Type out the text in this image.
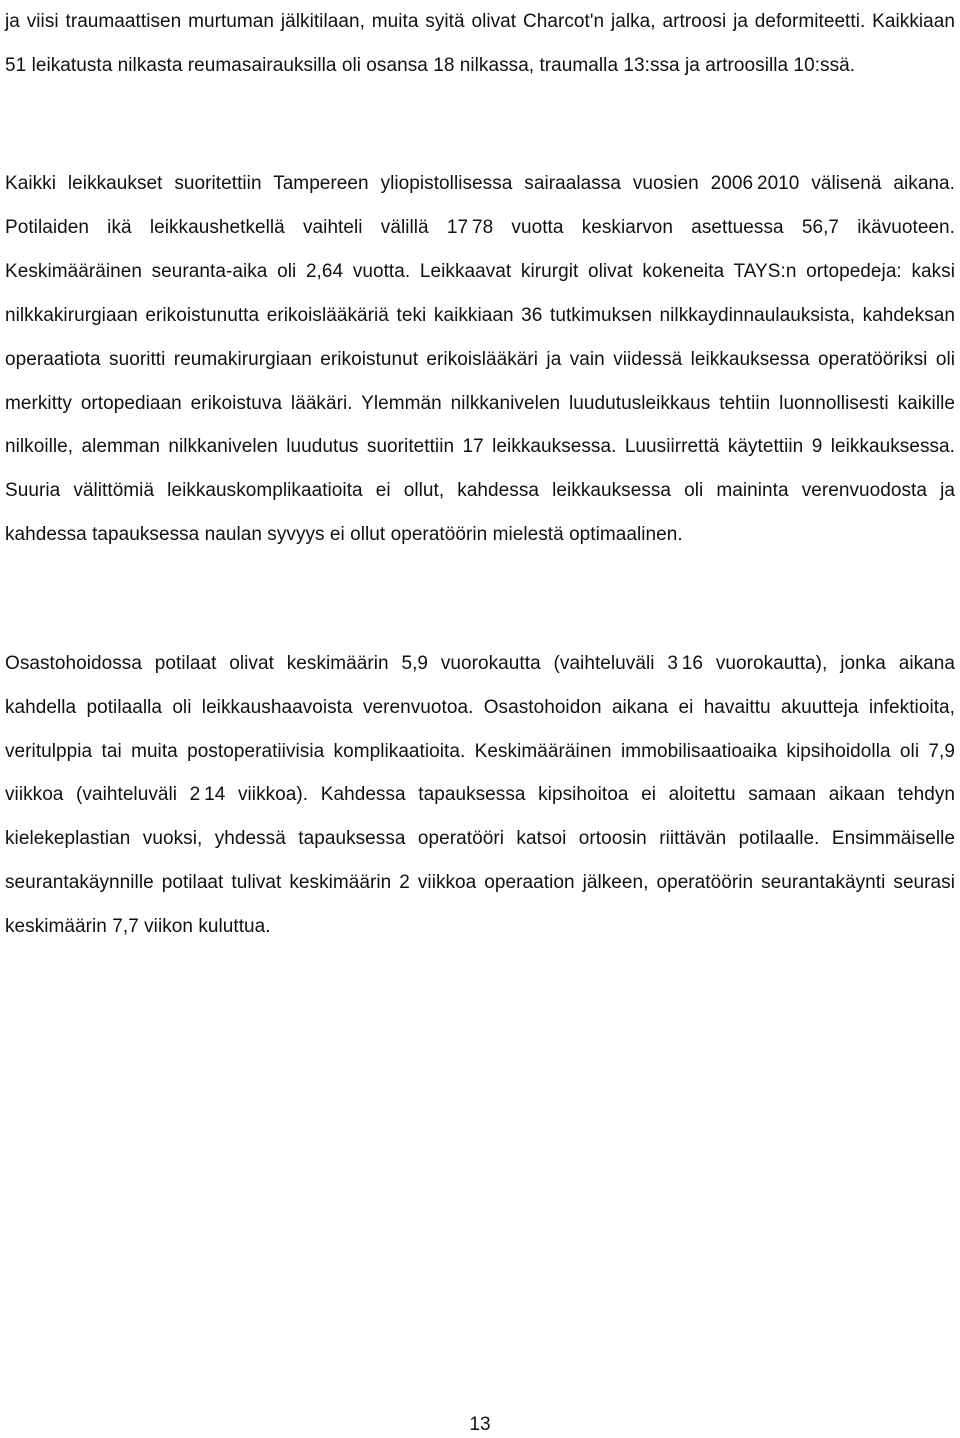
ja viisi traumaattisen murtuman jälkitilaan, muita syitä olivat Charcot'n jalka, artroosi ja deformiteetti. Kaikkiaan 51 leikatusta nilkasta reumasairauksilla oli osansa 18 nilkassa, traumalla 13:ssa ja artroosilla 10:ssä.

Kaikki leikkaukset suoritettiin Tampereen yliopistollisessa sairaalassa vuosien 2006 2010 välisenä aikana. Potilaiden ikä leikkaushetkellä vaihteli välillä 17 78 vuotta keskiarvon asettuessa 56,7 ikävuoteen. Keskimääräinen seuranta-aika oli 2,64 vuotta. Leikkaavat kirurgit olivat kokeneita TAYS:n ortopedeja: kaksi nilkkakirurgiaan erikoistunutta erikoislääkäriä teki kaikkiaan 36 tutkimuksen nilkkaydinnaulauksista, kahdeksan operaatiota suoritti reumakirurgiaan erikoistunut erikoislääkäri ja vain viidessä leikkauksessa operatööriksi oli merkitty ortopediaan erikoistuva lääkäri. Ylemmän nilkkanivelen luudutusleikkaus tehtiin luonnollisesti kaikille nilkoille, alemman nilkkanivelen luudutus suoritettiin 17 leikkauksessa. Luusiirrettä käytettiin 9 leikkauksessa. Suuria välittömiä leikkauskomplikaatioita ei ollut, kahdessa leikkauksessa oli maininta verenvuodosta ja kahdessa tapauksessa naulan syvyys ei ollut operatöörin mielestä optimaalinen.

Osastohoidossa potilaat olivat keskimäärin 5,9 vuorokautta (vaihteluväli 3 16 vuorokautta), jonka aikana kahdella potilaalla oli leikkaushaavoista verenvuotoa. Osastohoidon aikana ei havaittu akuutteja infektioita, veritulppia tai muita postoperatiivisia komplikaatioita. Keskimääräinen immobilisaatioaika kipsihoidolla oli 7,9 viikkoa (vaihteluväli 2 14 viikkoa). Kahdessa tapauksessa kipsihoitoa ei aloitettu samaan aikaan tehdyn kielekeplastian vuoksi, yhdessä tapauksessa operatööri katsoi ortoosin riittävän potilaalle. Ensimmäiselle seurantakäynnille potilaat tulivat keskimäärin 2 viikkoa operaation jälkeen, operatöörin seurantakäynti seurasi keskimäärin 7,7 viikon kuluttua.

13
